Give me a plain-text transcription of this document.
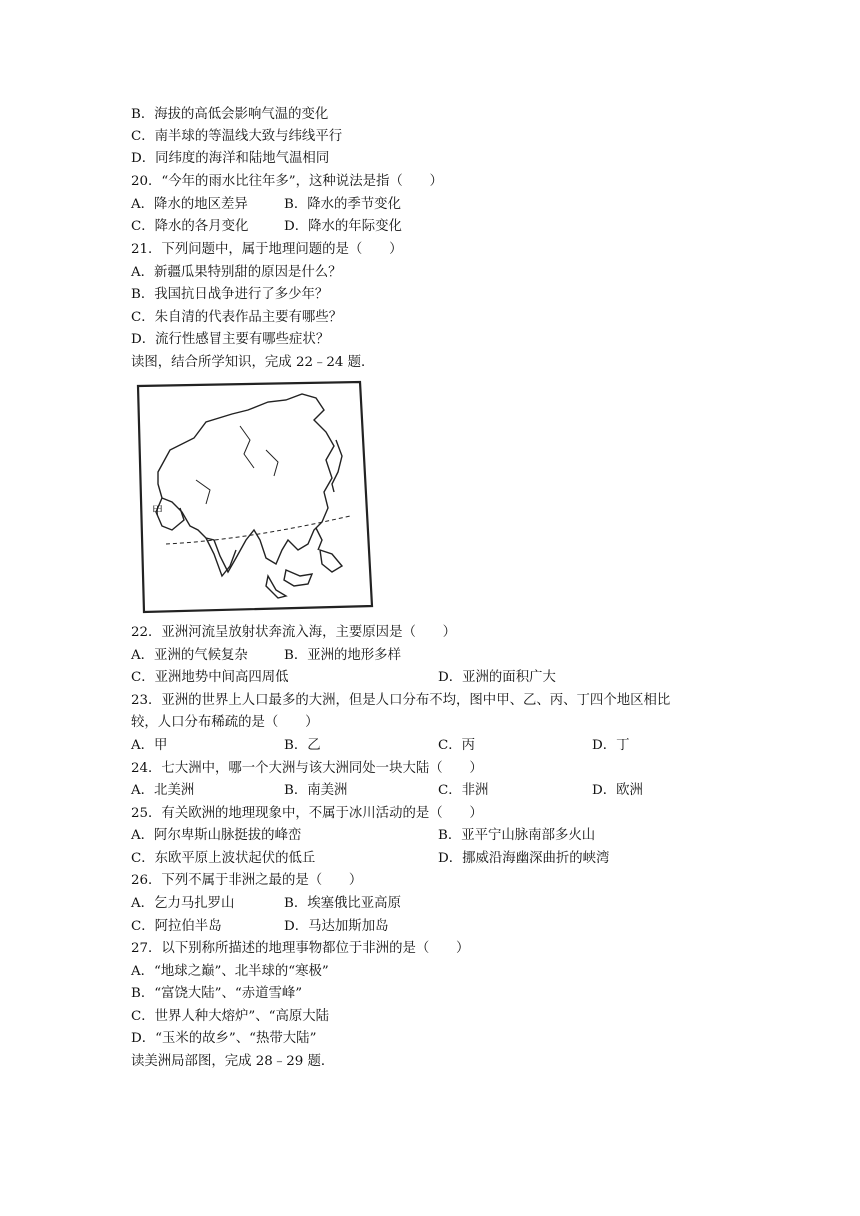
B．海拔的高低会影响气温的变化
C．南半球的等温线大致与纬线平行
D．同纬度的海洋和陆地气温相同
20．“今年的雨水比往年多”，这种说法是指（　　）
A．降水的地区差异	B．降水的季节变化
C．降水的各月变化	D．降水的年际变化
21．下列问题中，属于地理问题的是（　　）
A．新疆瓜果特别甜的原因是什么？
B．我国抗日战争进行了多少年？
C．朱自清的代表作品主要有哪些？
D．流行性感冒主要有哪些症状？
读图，结合所学知识，完成 22﹣24 题．
甲
22．亚洲河流呈放射状奔流入海，主要原因是（　　）
A．亚洲的气候复杂	B．亚洲的地形多样
C．亚洲地势中间高四周低	D．亚洲的面积广大
23．亚洲的世界上人口最多的大洲，但是人口分布不均，图中甲、乙、丙、丁四个地区相比
较，人口分布稀疏的是（　　）
A．甲	B．乙	C．丙	D．丁
24．七大洲中，哪一个大洲与该大洲同处一块大陆（　　）
A．北美洲	B．南美洲	C．非洲	D．欧洲
25．有关欧洲的地理现象中，不属于冰川活动的是（　　）
A．阿尔卑斯山脉挺拔的峰峦	B．亚平宁山脉南部多火山
C．东欧平原上波状起伏的低丘	D．挪威沿海幽深曲折的峡湾
26．下列不属于非洲之最的是（　　）
A．乞力马扎罗山	B．埃塞俄比亚高原
C．阿拉伯半岛	D．马达加斯加岛
27．以下别称所描述的地理事物都位于非洲的是（　　）
A．“地球之巅”、北半球的“寒极”
B．“富饶大陆”、“赤道雪峰”
C．世界人种大熔炉”、“高原大陆
D．“玉米的故乡”、“热带大陆”
读美洲局部图，完成 28﹣29 题．
